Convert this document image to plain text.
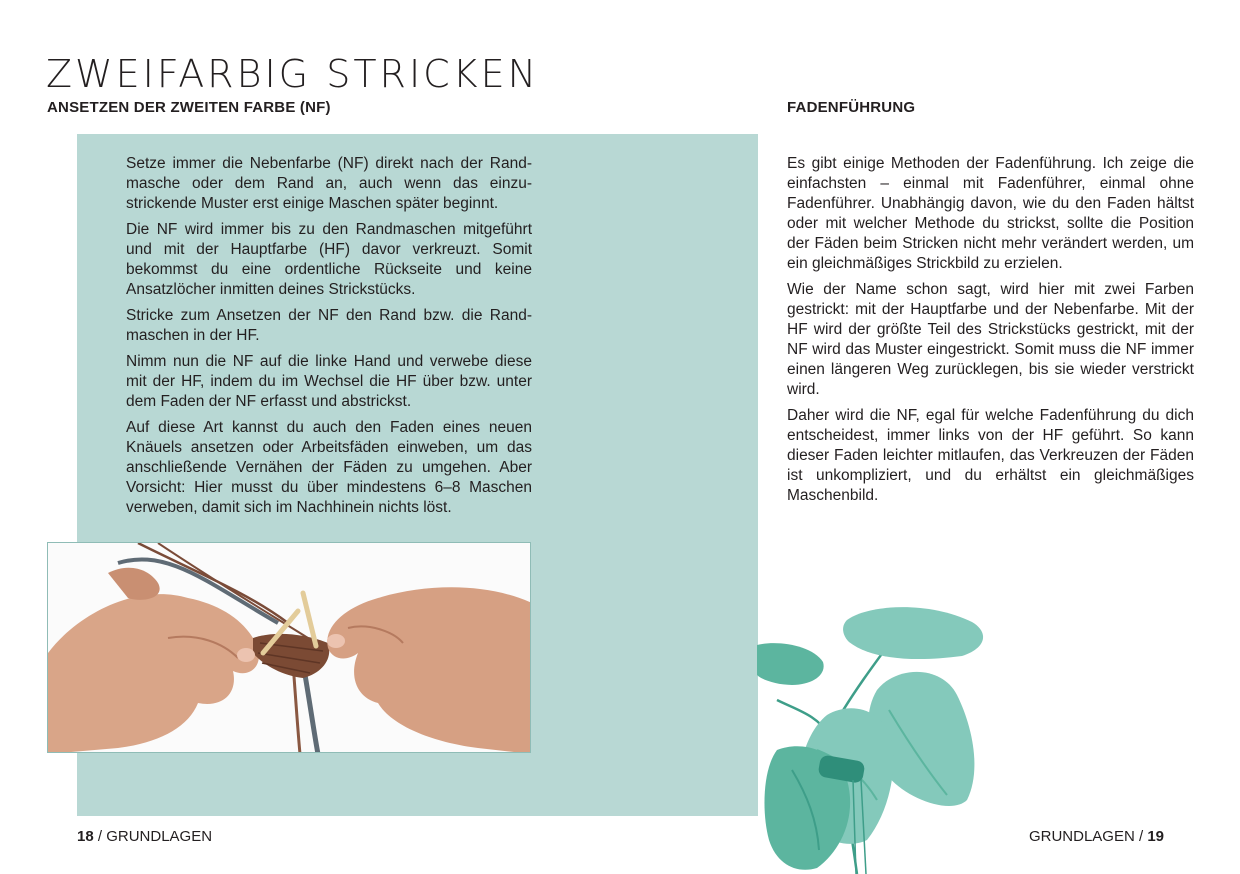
ZWEIFARBIG STRICKEN
ANSETZEN DER ZWEITEN FARBE (NF)	FADENFÜHRUNG

Setze immer die Nebenfarbe (NF) direkt nach der Randmasche oder dem Rand an, auch wenn das einzustrickende Muster erst einige Maschen später beginnt.

Die NF wird immer bis zu den Randmaschen mitgeführt und mit der Hauptfarbe (HF) davor verkreuzt. Somit bekommst du eine ordentliche Rückseite und keine Ansatzlöcher inmitten deines Strickstücks.

Stricke zum Ansetzen der NF den Rand bzw. die Randmaschen in der HF.

Nimm nun die NF auf die linke Hand und verwebe diese mit der HF, indem du im Wechsel die HF über bzw. unter dem Faden der NF erfasst und abstrickst.

Auf diese Art kannst du auch den Faden eines neuen Knäuels ansetzen oder Arbeitsfäden einweben, um das anschließende Vernähen der Fäden zu umgehen. Aber Vorsicht: Hier musst du über mindestens 6–8 Maschen verweben, damit sich im Nachhinein nichts löst.

Es gibt einige Methoden der Fadenführung. Ich zeige die einfachsten – einmal mit Fadenführer, einmal ohne Fadenführer. Unabhängig davon, wie du den Faden hältst oder mit welcher Methode du strickst, sollte die Position der Fäden beim Stricken nicht mehr verändert werden, um ein gleichmäßiges Strickbild zu erzielen.

Wie der Name schon sagt, wird hier mit zwei Farben gestrickt: mit der Hauptfarbe und der Nebenfarbe. Mit der HF wird der größte Teil des Strickstücks gestrickt, mit der NF wird das Muster eingestrickt. Somit muss die NF immer einen längeren Weg zurücklegen, bis sie wieder verstrickt wird.

Daher wird die NF, egal für welche Fadenführung du dich entscheidest, immer links von der HF geführt. So kann dieser Faden leichter mitlaufen, das Verkreuzen der Fäden ist unkompliziert, und du erhältst ein gleichmäßiges Maschenbild.

18 / GRUNDLAGEN	GRUNDLAGEN / 19
